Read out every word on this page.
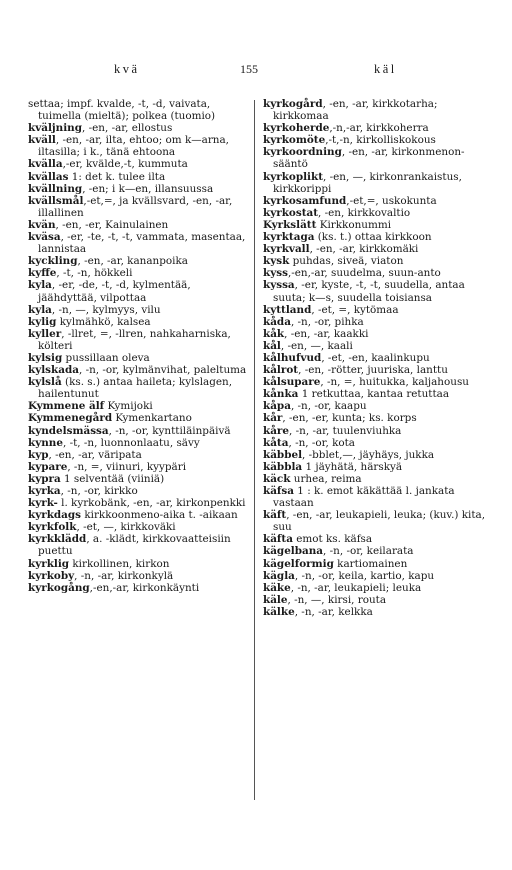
kvä	155	käl
settaa; impf. kvalde, -t, -d, vaivata, tuimella (mieltä); polkea (tuomio)
kväljning, -en, -ar, ellostus
kväll, -en, -ar, ilta, ehtoo; om k—arna, iltasilla; i k., tänä ehtoona
kvälla,-er, kvälde,-t, kummuta
kvällas 1: det k. tulee ilta
kvällning, -en; i k—en, illansuussa
kvällsmål,-et,=, ja kvällsvard, -en, -ar, illallinen
kvän, -en, -er, Kainulainen
kväsa, -er, -te, -t, -t, vammata, masentaa, lannistaa
kyckling, -en, -ar, kananpoika
kyffe, -t, -n, hökkeli
kyla, -er, -de, -t, -d, kylmentää, jäähdyttää, vilpottaa
kyla, -n, —, kylmyys, vilu
kylig kylmähkö, kalsea
kyller, -llret, =, -llren, nahkaharniska, költeri
kylsig pussillaan oleva
kylskada, -n, -or, kylmänvihat, paleltuma
kylslå (ks. s.) antaa haileta; kylslagen, hailentunut
Kymmene älf Kymijoki
Kymmenegård Kymenkartano
kyndelsmässa, -n, -or, kynttiläinpäivä
kynne, -t, -n, luonnonlaatu, sävy
kyp, -en, -ar, väripata
kypare, -n, =, viinuri, kyypäri
kypra 1 selventää (viiniä)
kyrka, -n, -or, kirkko
kyrk- l. kyrkobänk, -en, -ar, kirkonpenkki
kyrkdags kirkkoonmeno-aika t. -aikaan
kyrkfolk, -et, —, kirkkoväki
kyrkklädd, a. -klädt, kirkkovaatteisiin puettu
kyrklig kirkollinen, kirkon
kyrkoby, -n, -ar, kirkonkylä
kyrkogång,-en,-ar, kirkonkäynti
kyrkogård, -en, -ar, kirkkotarha; kirkkomaa
kyrkoherde,-n,-ar, kirkkoherra
kyrkomöte,-t,-n, kirkolliskokous
kyrkoordning, -en, -ar, kirkonmenon-sääntö
kyrkoplikt, -en, —, kirkonrankaistus, kirkkorippi
kyrkosamfund,-et,=, uskokunta
kyrkostat, -en, kirkkovaltio
Kyrkslätt Kirkkonummi
kyrktaga (ks. t.) ottaa kirkkoon
kyrkvall, -en, -ar, kirkkomäki
kysk puhdas, siveä, viaton
kyss,-en,-ar, suudelma, suun-anto
kyssa, -er, kyste, -t, -t, suudella, antaa suuta; k—s, suudella toisiansa
kyttland, -et, =, kytömaa
kåda, -n, -or, pihka
kåk, -en, -ar, kaakki
kål, -en, —, kaali
kålhufvud, -et, -en, kaalinkupu
kålrot, -en, -rötter, juuriska, lanttu
kålsupare, -n, =, huitukka, kaljahousu
kånka 1 retkuttaa, kantaa retuttaa
kåpa, -n, -or, kaapu
kår, -en, -er, kunta; ks. korps
kåre, -n, -ar, tuulenviuhka
kåta, -n, -or, kota
käbbel, -bblet,—, jäyhäys, jukka
käbbla 1 jäyhätä, härskyä
käck urhea, reima
käfsa 1 : k. emot käkättää l. jankata vastaan
käft, -en, -ar, leukapieli, leuka; (kuv.) kita, suu
käfta emot ks. käfsa
kägelbana, -n, -or, keilarata
kägelformig kartiomainen
kägla, -n, -or, keila, kartio, kapu
käke, -n, -ar, leukapieli; leuka
käle, -n, —, kirsi, routa
kälke, -n, -ar, kelkka
